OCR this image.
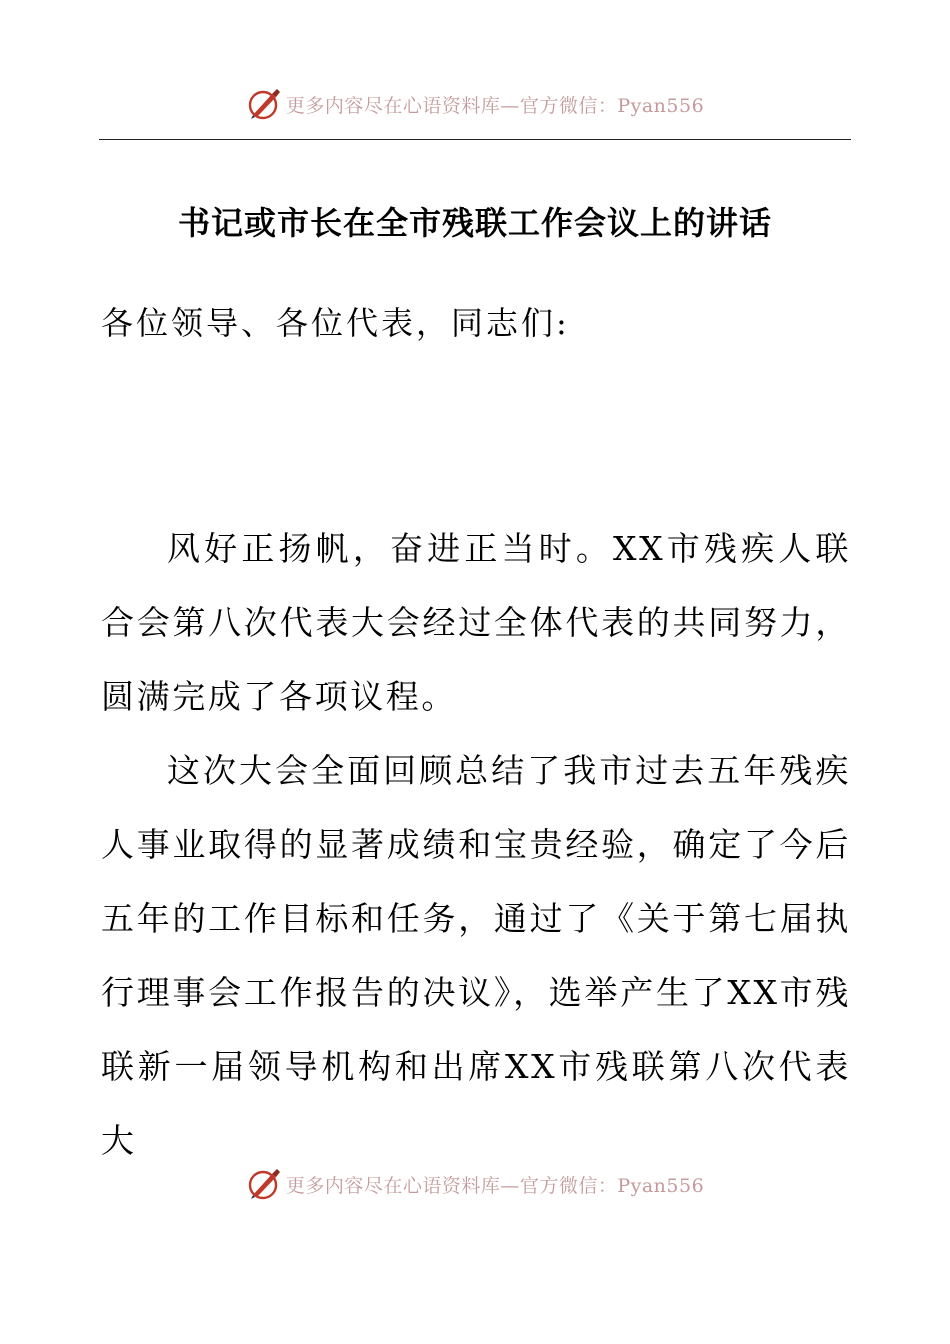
更多内容尽在心语资料库—官方微信：Pyan556
书记或市长在全市残联工作会议上的讲话
各位领导、各位代表，同志们:

风好正扬帆，奋进正当时。XX市残疾人联合会第八次代表大会经过全体代表的共同努力，圆满完成了各项议程。

这次大会全面回顾总结了我市过去五年残疾人事业取得的显著成绩和宝贵经验，确定了今后五年的工作目标和任务，通过了《关于第七届执行理事会工作报告的决议》，选举产生了XX市残联新一届领导机构和出席XX市残联第八次代表大

更多内容尽在心语资料库—官方微信：Pyan556
